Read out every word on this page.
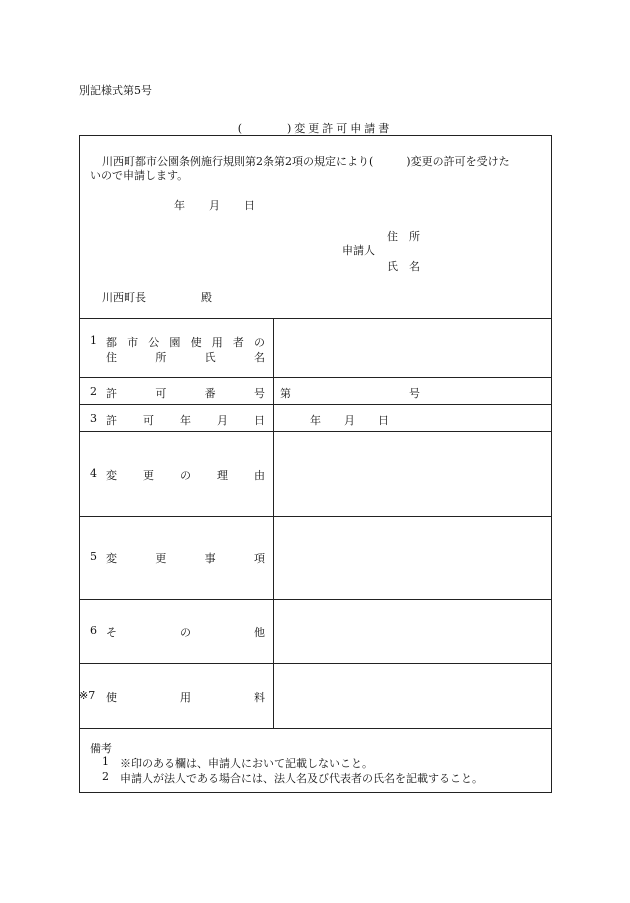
別記様式第5号
(　　　)変更許可申請書
川西町都市公園条例施行規則第2条第2項の規定により(　　　)変更の許可を受けた
いので申請します。
年 月 日
住　所
申請人
氏　名
川西町長　　　　　殿
1 都 市 公 園 使 用 者 の
住	所	氏	名
2 許	可	番	号 第	号
3 許 可 年 月 日	年 月 日
4 変 更 の 理 由
5 変	更	事	項
6 そ	の	他
※7 使	用	料
備考
1 ※印のある欄は、申請人において記載しないこと。
2 申請人が法人である場合には、法人名及び代表者の氏名を記載すること。
